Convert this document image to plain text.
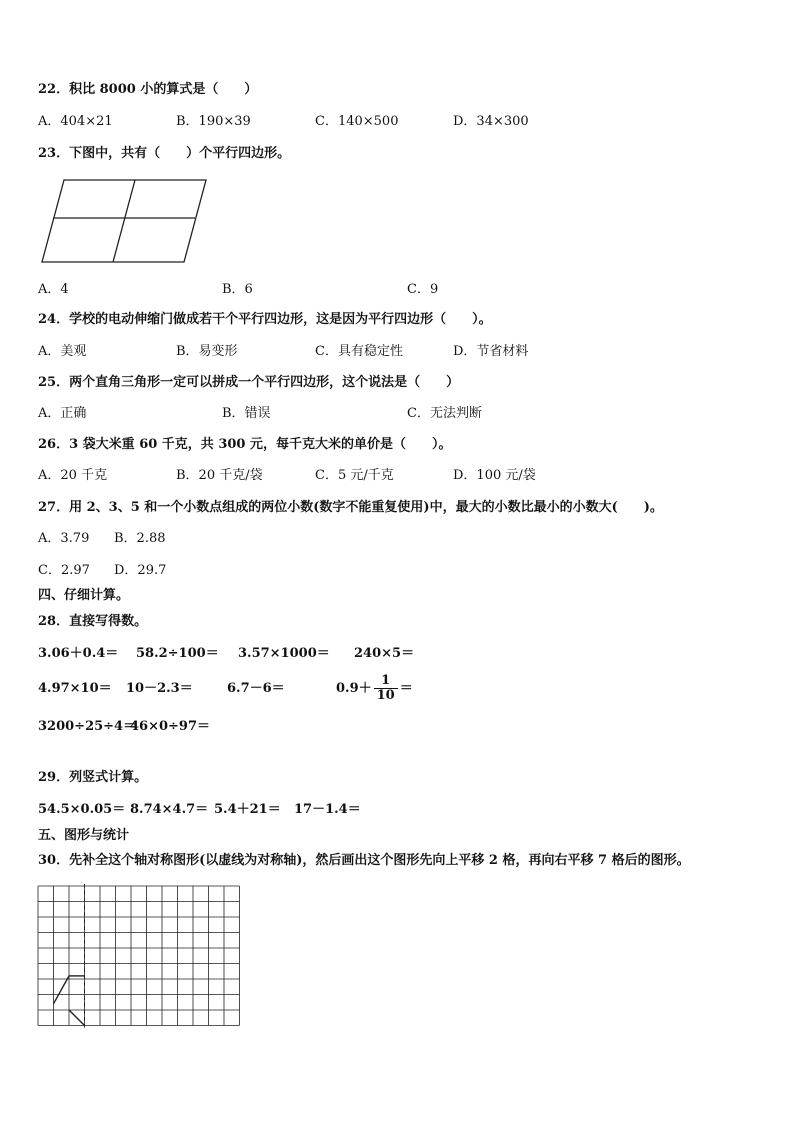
22．积比 8000 小的算式是（　　）
A．404×21	B．190×39	C．140×500	D．34×300
23．下图中，共有（　　）个平行四边形。
A．4	B．6	C．9
24．学校的电动伸缩门做成若干个平行四边形，这是因为平行四边形（　　）。
A．美观	B．易变形	C．具有稳定性	D．节省材料
25．两个直角三角形一定可以拼成一个平行四边形，这个说法是（　　）
A．正确	B．错误	C．无法判断
26．3 袋大米重 60 千克，共 300 元，每千克大米的单价是（　　）。
A．20 千克	B．20 千克/袋	C．5 元/千克	D．100 元/袋
27．用 2、3、5 和一个小数点组成的两位小数(数字不能重复使用)中，最大的小数比最小的小数大(　　)。
A．3.79 B．2.88
C．2.97 D．29.7
四、仔细计算。
28．直接写得数。
3.06＋0.4＝ 58.2÷100＝ 3.57×1000＝ 240×5＝
4.97×10＝ 10－2.3＝	6.7－6＝	$0.9+ \frac{1}{10}$ ＝
3200÷25÷4＝
46×0÷97＝
29．列竖式计算。
54.5×0.05＝ 8.74×4.7＝ 5.4＋21＝ 17－1.4＝
五、图形与统计
30．先补全这个轴对称图形(以虚线为对称轴)，然后画出这个图形先向上平移 2 格，再向右平移 7 格后的图形。
